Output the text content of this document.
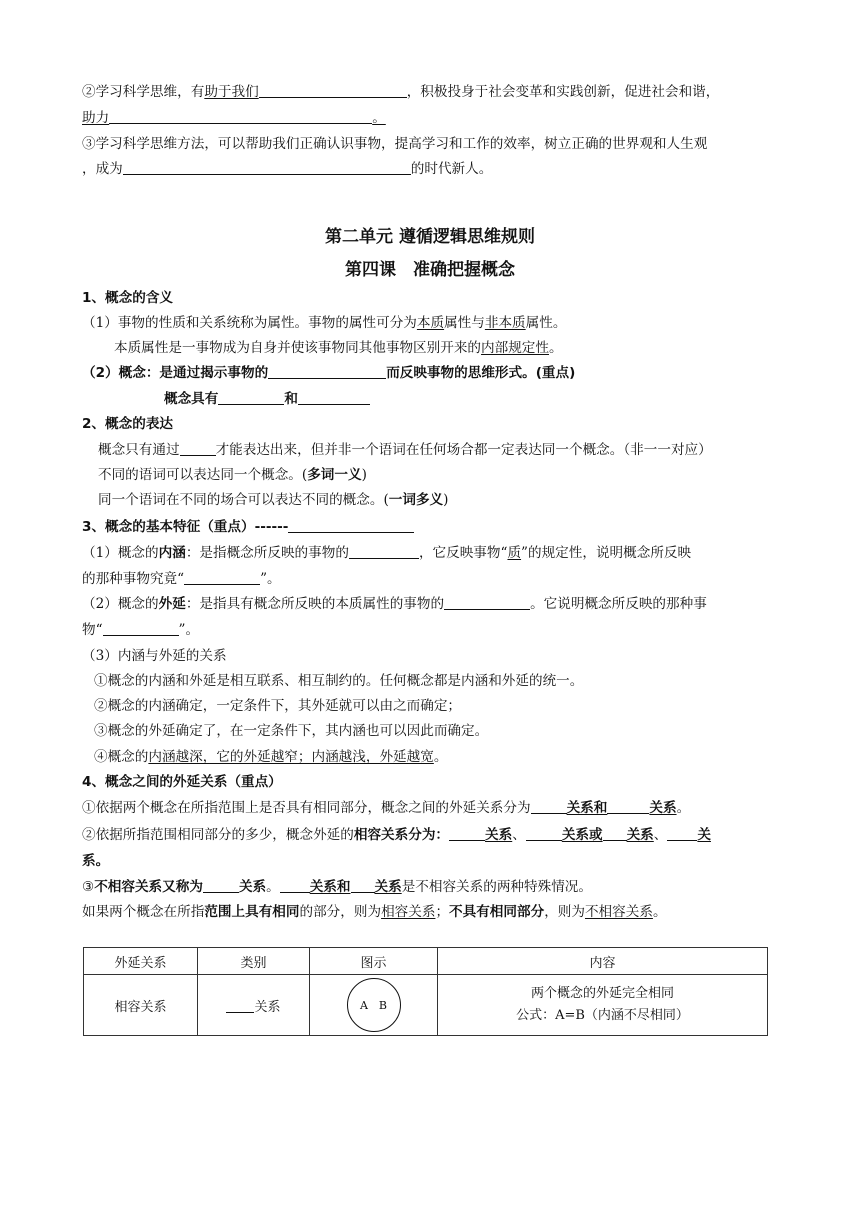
②学习科学思维，有助于我们	，积极投身于社会变革和实践创新，促进社会和谐，
助力	。
③学习科学思维方法，可以帮助我们正确认识事物，提高学习和工作的效率，树立正确的世界观和人生观
，成为	的时代新人。
第二单元 遵循逻辑思维规则
第四课　准确把握概念
1、概念的含义
（1）事物的性质和关系统称为属性。事物的属性可分为本质属性与非本质属性。
本质属性是一事物成为自身并使该事物同其他事物区别开来的内部规定性。
（2）概念：是通过揭示事物的	而反映事物的思维形式。(重点)
概念具有	和
2、概念的表达
概念只有通过	才能表达出来，但并非一个语词在任何场合都一定表达同一个概念。（非一一对应）
不同的语词可以表达同一个概念。(多词一义)
同一个语词在不同的场合可以表达不同的概念。(一词多义)
3、概念的基本特征（重点）------
（1）概念的内涵：是指概念所反映的事物的	，它反映事物“质”的规定性，说明概念所反映
的那种事物究竟“	”。
（2）概念的外延：是指具有概念所反映的本质属性的事物的	。它说明概念所反映的那种事
物“	”。
（3）内涵与外延的关系
①概念的内涵和外延是相互联系、相互制约的。任何概念都是内涵和外延的统一。
②概念的内涵确定，一定条件下，其外延就可以由之而确定；
③概念的外延确定了，在一定条件下，其内涵也可以因此而确定。
④概念的内涵越深，它的外延越窄；内涵越浅，外延越宽。
4、概念之间的外延关系（重点）
①依据两个概念在所指范围上是否具有相同部分，概念之间的外延关系分为	关系和	关系。
②依据所指范围相同部分的多少，概念外延的相容关系分为：	关系、	关系或 关系、 关
系。
③不相容关系又称为	关系。 关系和 关系是不相容关系的两种特殊情况。
如果两个概念在所指范围上具有相同的部分，则为相容关系；不具有相同部分，则为不相容关系。
外延关系	类别	图示	内容
相容关系	关系	A　B	两个概念的外延完全相同
公式：A=B（内涵不尽相同）
